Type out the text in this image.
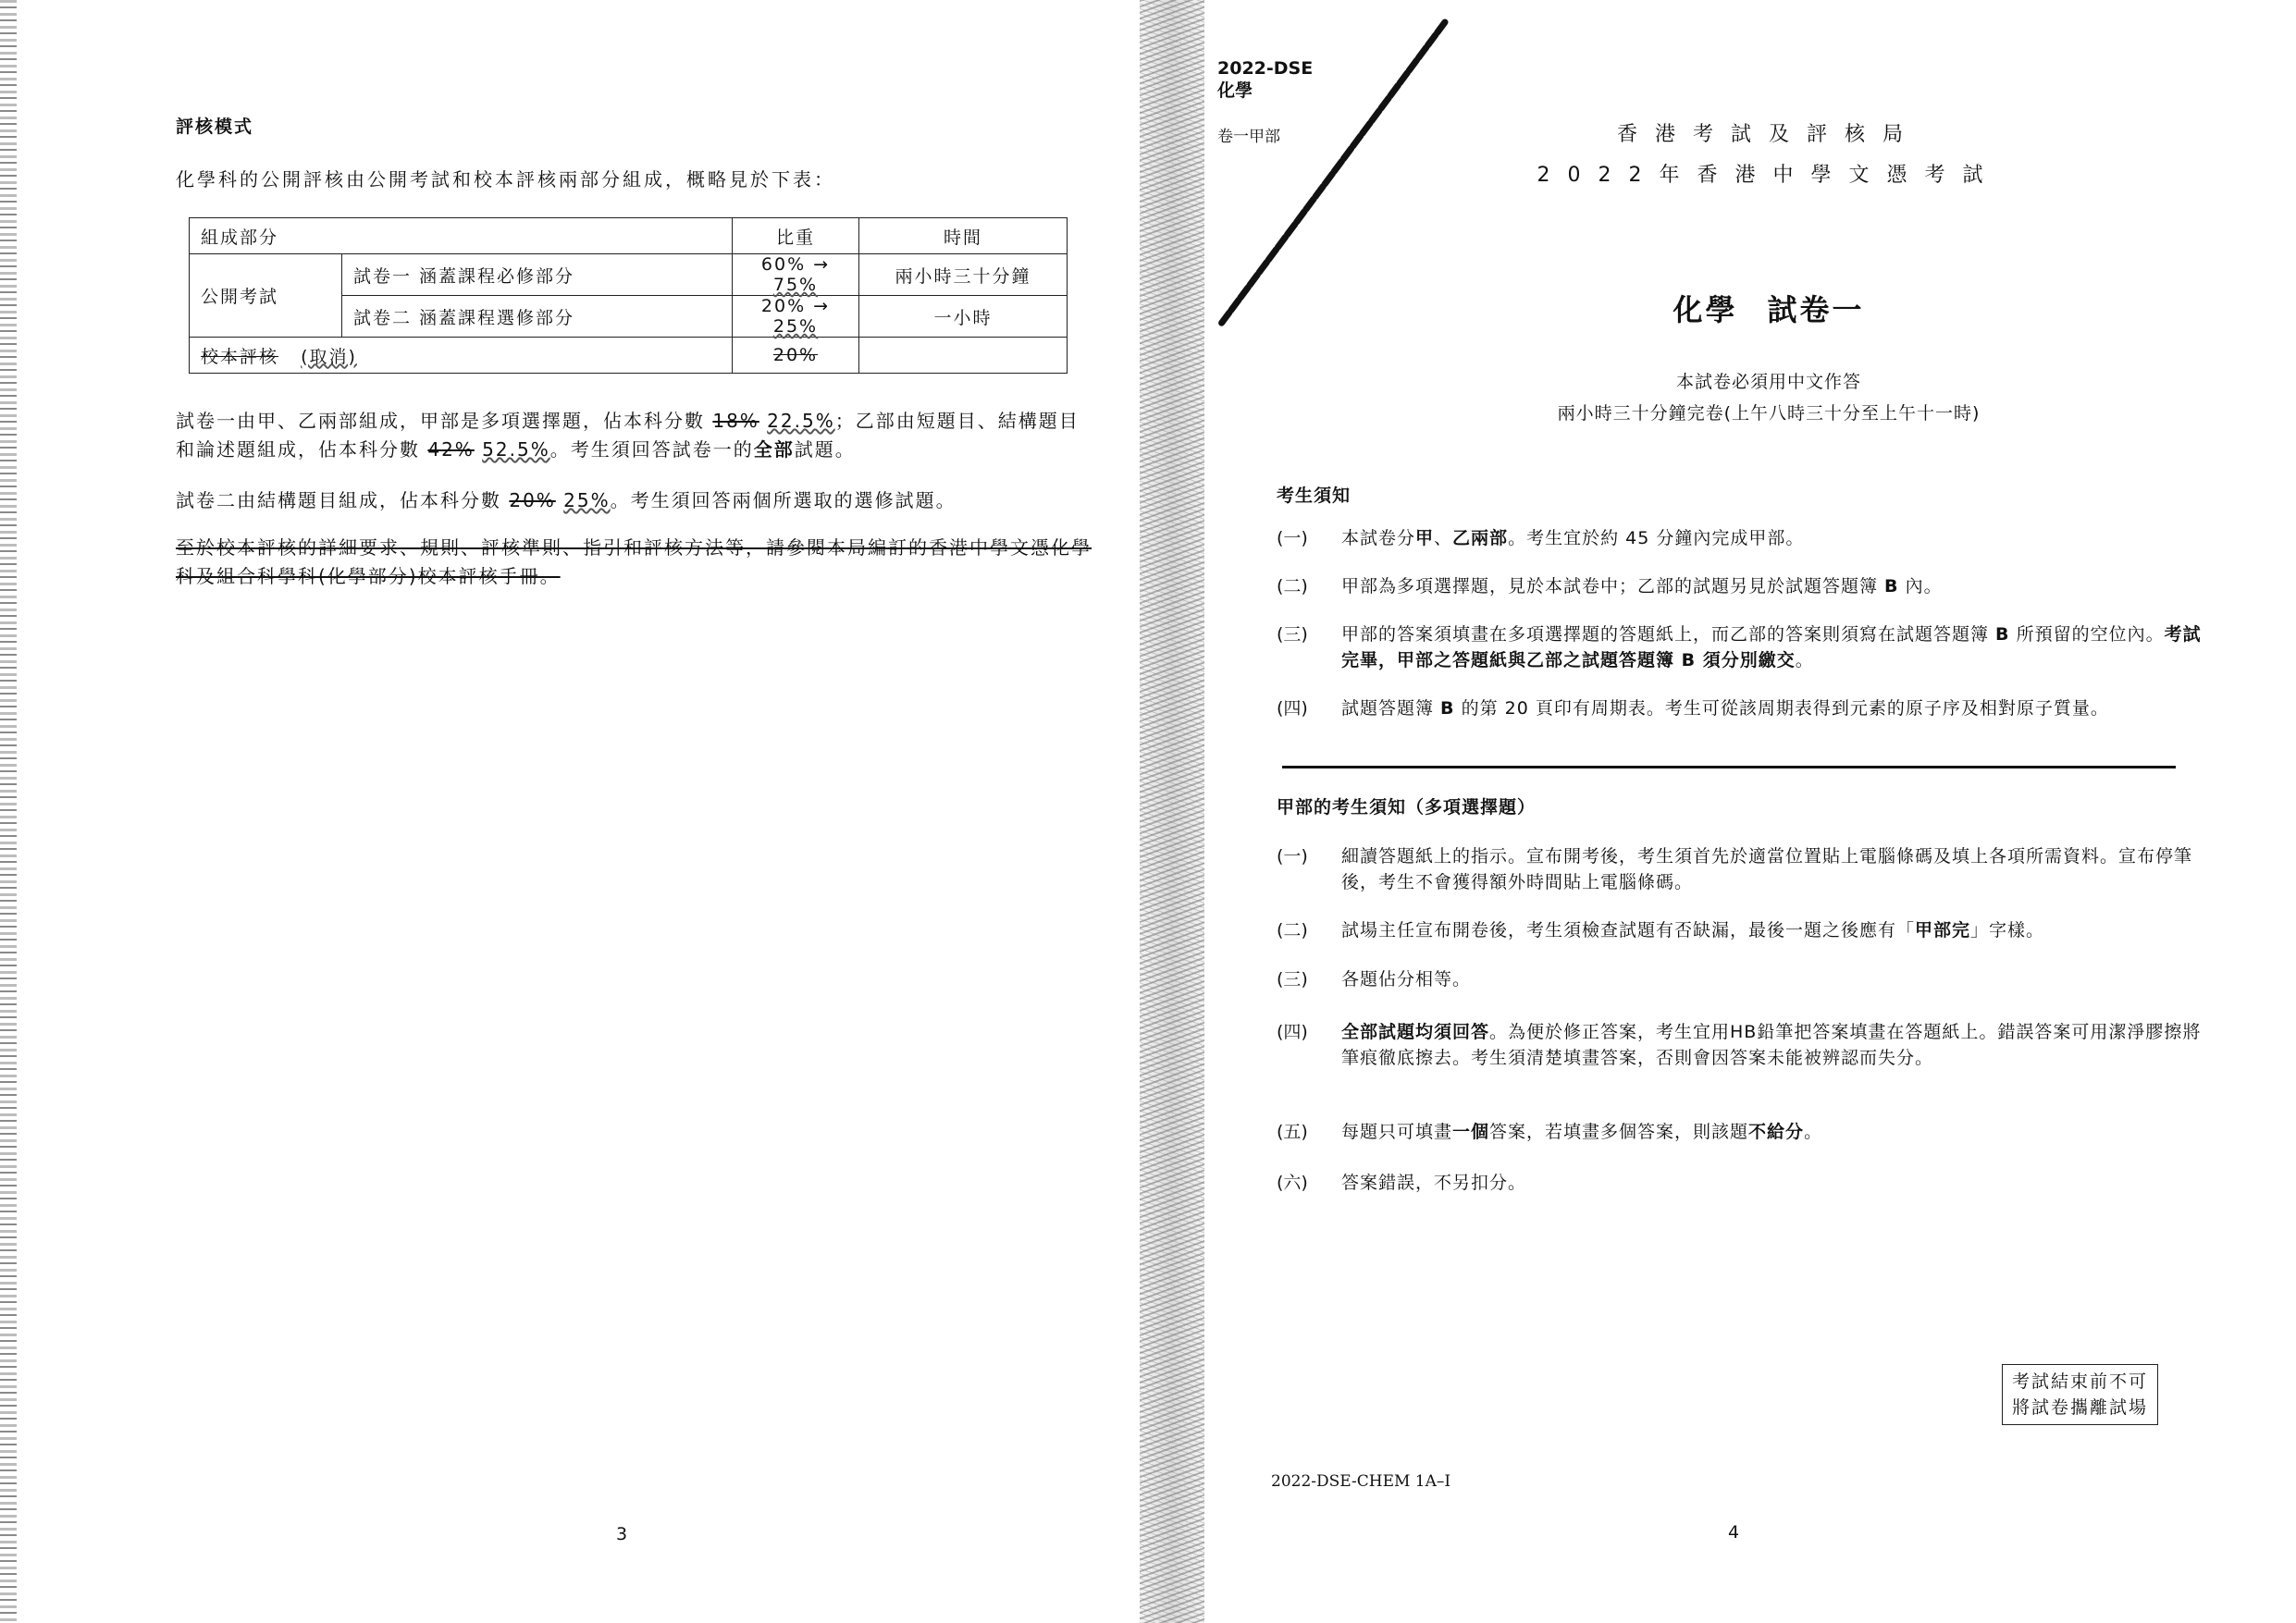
評核模式
化學科的公開評核由公開考試和校本評核兩部分組成，概略見於下表：
組成部分		比重	時間
公開考試	試卷一 涵蓋課程必修部分	60% → 75%	兩小時三十分鐘
	試卷二 涵蓋課程選修部分	20% → 25%	一小時
校本評核 (取消)		20%	
試卷一由甲、乙兩部組成，甲部是多項選擇題，佔本科分數 18% 22.5%；乙部由短題目、結構題目和論述題組成，佔本科分數 42% 52.5%。考生須回答試卷一的全部試題。
試卷二由結構題目組成，佔本科分數 20% 25%。考生須回答兩個所選取的選修試題。
至於校本評核的詳細要求、規則、評核準則、指引和評核方法等，請參閱本局編訂的香港中學文憑化學科及組合科學科(化學部分)校本評核手冊。
3
2022-DSE
化學
卷一甲部	香港考試及評核局
2022年香港中學文憑考試
化學 試卷一
本試卷必須用中文作答
兩小時三十分鐘完卷(上午八時三十分至上午十一時)
考生須知
(一)	本試卷分甲、乙兩部。考生宜於約 45 分鐘內完成甲部。
(二)	甲部為多項選擇題，見於本試卷中；乙部的試題另見於試題答題簿 B 內。
(三)	甲部的答案須填畫在多項選擇題的答題紙上，而乙部的答案則須寫在試題答題簿 B 所預留的空位內。考試完畢，甲部之答題紙與乙部之試題答題簿 B 須分別繳交。
(四)	試題答題簿 B 的第 20 頁印有周期表。考生可從該周期表得到元素的原子序及相對原子質量。
甲部的考生須知（多項選擇題）
(一)	細讀答題紙上的指示。宣布開考後，考生須首先於適當位置貼上電腦條碼及填上各項所需資料。宣布停筆後，考生不會獲得額外時間貼上電腦條碼。
(二)	試場主任宣布開卷後，考生須檢查試題有否缺漏，最後一題之後應有「甲部完」字樣。
(三)	各題佔分相等。
(四)	全部試題均須回答。為便於修正答案，考生宜用HB鉛筆把答案填畫在答題紙上。錯誤答案可用潔淨膠擦將筆痕徹底擦去。考生須清楚填畫答案，否則會因答案未能被辨認而失分。
(五)	每題只可填畫一個答案，若填畫多個答案，則該題不給分。
(六)	答案錯誤，不另扣分。
考試結束前不可
將試卷攜離試場
2022-DSE-CHEM 1A–I
4
